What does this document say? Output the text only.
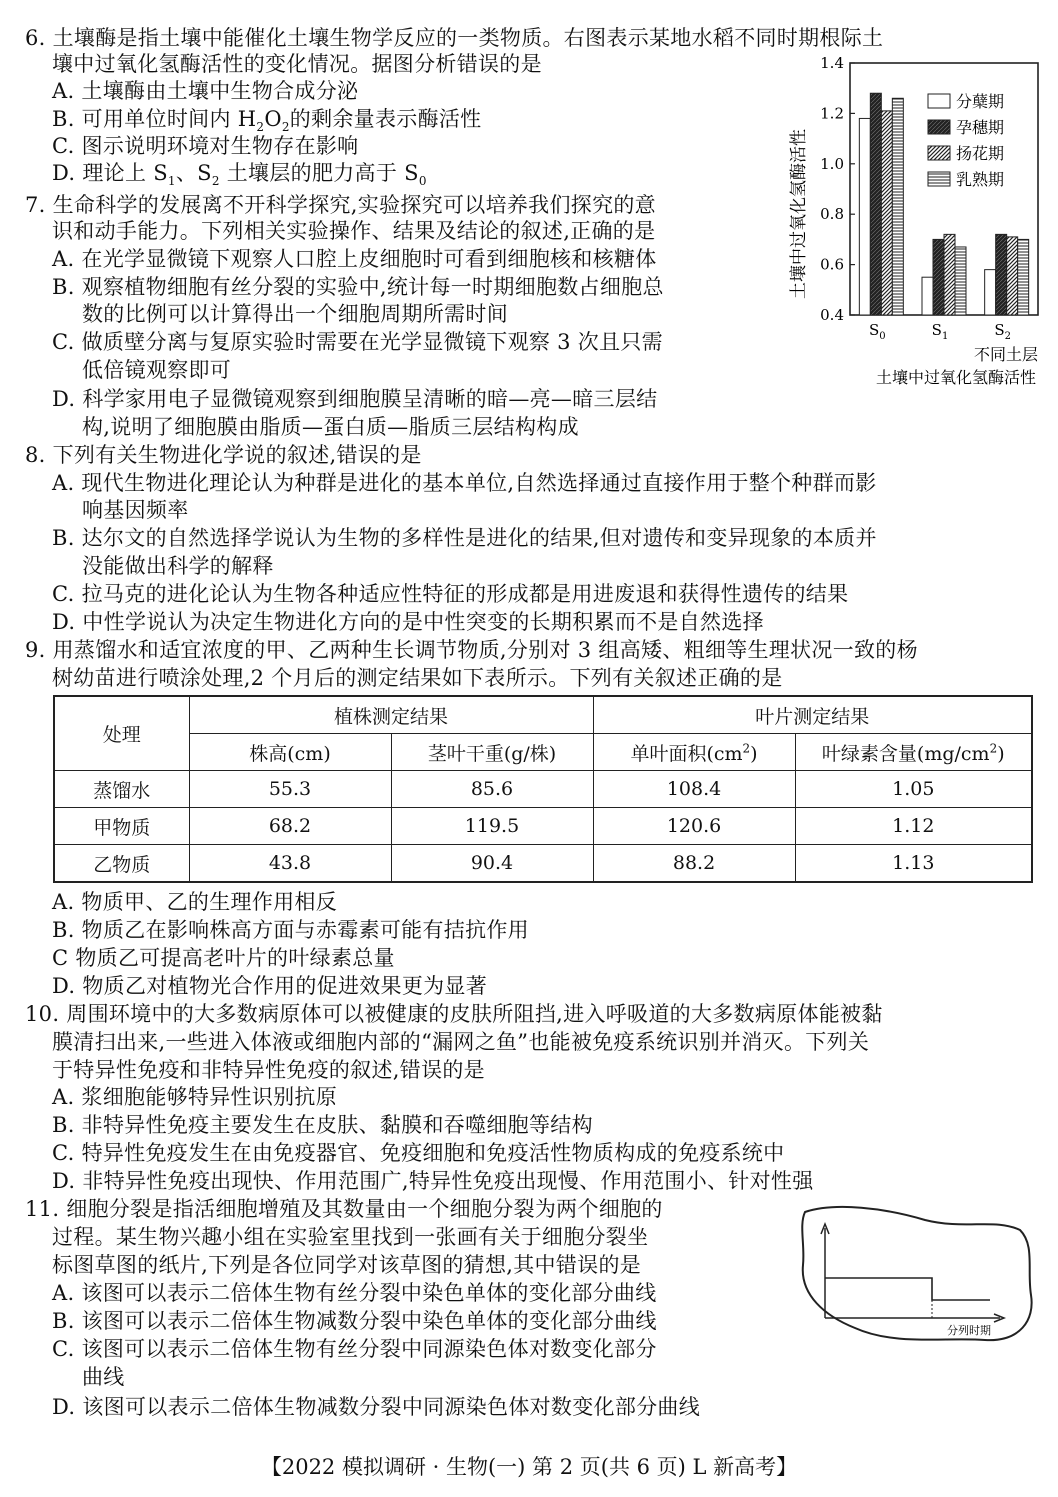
6. 土壤酶是指土壤中能催化土壤生物学反应的一类物质。右图表示某地水稻不同时期根际土
壤中过氧化氢酶活性的变化情况。据图分析错误的是
A. 土壤酶由土壤中生物合成分泌
B. 可用单位时间内 $H_2O_2$的剩余量表示酶活性
C. 图示说明环境对生物存在影响
D. 理论上 $S_1$、$S_2$ 土壤层的肥力高于 $S_0$
0.4
0.6
0.8
1.0
1.2
1.4
$S_0$	$S_1$	$S_2$
分蘖期
孕穗期
扬花期
乳熟期
土壤中过氧化氢酶活性
不同土层
土壤中过氧化氢酶活性
7. 生命科学的发展离不开科学探究,实验探究可以培养我们探究的意
识和动手能力。下列相关实验操作、结果及结论的叙述,正确的是
A. 在光学显微镜下观察人口腔上皮细胞时可看到细胞核和核糖体
B. 观察植物细胞有丝分裂的实验中,统计每一时期细胞数占细胞总
数的比例可以计算得出一个细胞周期所需时间
C. 做质壁分离与复原实验时需要在光学显微镜下观察 3 次且只需
低倍镜观察即可
D. 科学家用电子显微镜观察到细胞膜呈清晰的暗—亮—暗三层结
构,说明了细胞膜由脂质—蛋白质—脂质三层结构构成
8. 下列有关生物进化学说的叙述,错误的是
A. 现代生物进化理论认为种群是进化的基本单位,自然选择通过直接作用于整个种群而影
响基因频率
B. 达尔文的自然选择学说认为生物的多样性是进化的结果,但对遗传和变异现象的本质并
没能做出科学的解释
C. 拉马克的进化论认为生物各种适应性特征的形成都是用进废退和获得性遗传的结果
D. 中性学说认为决定生物进化方向的是中性突变的长期积累而不是自然选择
9. 用蒸馏水和适宜浓度的甲、乙两种生长调节物质,分别对 3 组高矮、粗细等生理状况一致的杨
树幼苗进行喷涂处理,2 个月后的测定结果如下表所示。下列有关叙述正确的是
处理	植株测定结果		叶片测定结果	
	株高(cm)	茎叶干重(g/株)	单叶面积$(cm^2)$	叶绿素含量$(mg/cm^2)$
蒸馏水	55.3	85.6	108.4	1.05
甲物质	68.2	119.5	120.6	1.12
乙物质	43.8	90.4	88.2	1.13
A. 物质甲、乙的生理作用相反
B. 物质乙在影响株高方面与赤霉素可能有拮抗作用
C 物质乙可提高老叶片的叶绿素总量
D. 物质乙对植物光合作用的促进效果更为显著
10. 周围环境中的大多数病原体可以被健康的皮肤所阻挡,进入呼吸道的大多数病原体能被黏
膜清扫出来,一些进入体液或细胞内部的“漏网之鱼”也能被免疫系统识别并消灭。下列关
于特异性免疫和非特异性免疫的叙述,错误的是
A. 浆细胞能够特异性识别抗原
B. 非特异性免疫主要发生在皮肤、黏膜和吞噬细胞等结构
C. 特异性免疫发生在由免疫器官、免疫细胞和免疫活性物质构成的免疫系统中
D. 非特异性免疫出现快、作用范围广,特异性免疫出现慢、作用范围小、针对性强
11. 细胞分裂是指活细胞增殖及其数量由一个细胞分裂为两个细胞的
过程。某生物兴趣小组在实验室里找到一张画有关于细胞分裂坐
标图草图的纸片,下列是各位同学对该草图的猜想,其中错误的是
A. 该图可以表示二倍体生物有丝分裂中染色单体的变化部分曲线
B. 该图可以表示二倍体生物减数分裂中染色单体的变化部分曲线
C. 该图可以表示二倍体生物有丝分裂中同源染色体对数变化部分
曲线
D. 该图可以表示二倍体生物减数分裂中同源染色体对数变化部分曲线
分列时期
【2022 模拟调研 · 生物(一) 第 2 页(共 6 页) L 新高考】
